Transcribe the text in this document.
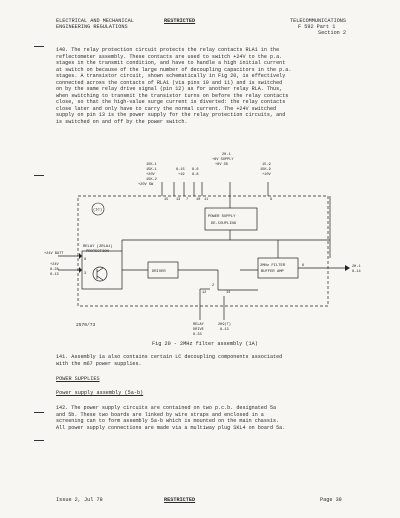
ELECTRICAL AND MECHANICAL
ENGINEERING REGULATIONS
RESTRICTED	TELECOMMUNICATIONS
F 592 Part 1
Section 2
140. The relay protection circuit protects the relay contacts RLA1 in the
reflectometer assembly. These contacts are used to switch +24V to the p.a.
stages in the transmit condition, and have to handle a high initial current
at switch on because of the large number of decoupling capacitors in the p.a.
stages. A transistor circuit, shown schematically in Fig 20, is effectively
connected across the contacts of RLA1 (via pins 10 and 11) and is switched
on by the same relay drive signal (pin 12) as for another relay RLA. Thus,
when switching to transmit the transistor turns on before the relay contacts
close, so that the high-value surge current is diverted: the relay contacts
close later and only have to carry the normal current. The +24V switched
supply on pin 13 is the power supply for the relay protection circuits, and
is switched on and off by the power switch.
15K-1
15K-1
+20V
15K-2
+20V SW
8-15
+19
8-6
8-8
2H-1
+8V SUPPLY
+8V SS	15-9
15K-9
+10V
(1C)
POWER SUPPLY
DE-COUPLING
RELAY (2RLA1)
PROTECTION
DRIVER
2MHz FILTER
BUFFER AMP
13 7 10 11
12	14
9
2
6
8
3
15
+24V BATT
+24V
8-28
8-13
2H-1
8-14
RELAY
DRIVE
8-33
2H9(T)
8-13
2570/73
Fig 20 - 2MHz filter assembly (1A)
141. Assembly 1a also contains certain LC decoupling components associated
with the m67 power supplies.
POWER SUPPLIES
Power supply assembly (5a-b)
142. The power supply circuits are contained on two p.c.b. designated 5a
and 5b. These two boards are linked by wire straps and enclosed in a
screening can to form assembly 5a-b which is mounted on the main chassis.
All power supply connections are made via a multiway plug SKL4 on board 5a.
Issue 2, Jul 78	RESTRICTED	Page 39
